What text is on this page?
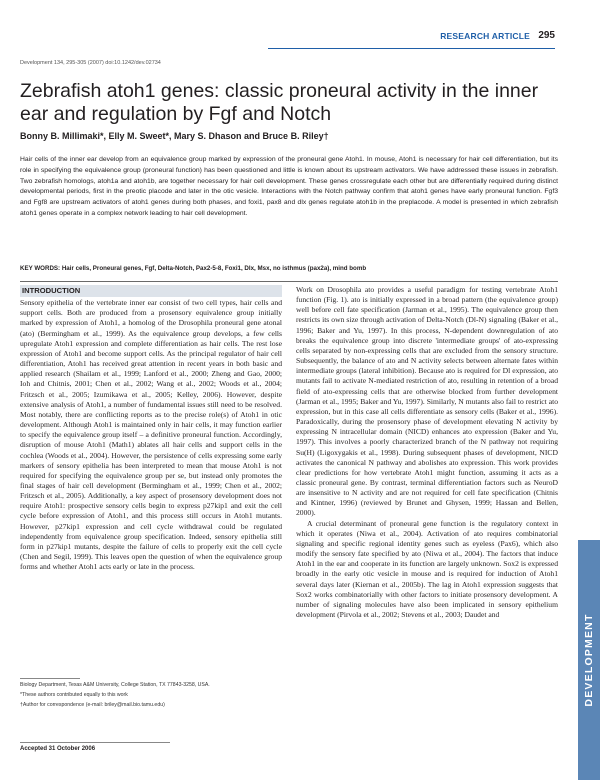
RESEARCH ARTICLE 295
Development 134, 295-305 (2007) doi:10.1242/dev.02734
Zebrafish atoh1 genes: classic proneural activity in the inner ear and regulation by Fgf and Notch
Bonny B. Millimaki*, Elly M. Sweet*, Mary S. Dhason and Bruce B. Riley†

Hair cells of the inner ear develop from an equivalence group marked by expression of the proneural gene Atoh1. In mouse, Atoh1 is necessary for hair cell differentiation, but its role in specifying the equivalence group (proneural function) has been questioned and little is known about its upstream activators. We have addressed these issues in zebrafish. Two zebrafish homologs, atoh1a and atoh1b, are together necessary for hair cell development. These genes crossregulate each other but are differentially required during distinct developmental periods, first in the preotic placode and later in the otic vesicle. Interactions with the Notch pathway confirm that atoh1 genes have early proneural function. Fgf3 and Fgf8 are upstream activators of atoh1 genes during both phases, and foxi1, pax8 and dlx genes regulate atoh1b in the preplacode. A model is presented in which zebrafish atoh1 genes operate in a complex network leading to hair cell development.

KEY WORDS: Hair cells, Proneural genes, Fgf, Delta-Notch, Pax2-5-8, Foxi1, Dlx, Msx, no isthmus (pax2a), mind bomb
INTRODUCTION

Sensory epithelia of the vertebrate inner ear consist of two cell types, hair cells and support cells. Both are produced from a prosensory equivalence group initially marked by expression of Atoh1, a homolog of the Drosophila proneural gene atonal (ato) (Bermingham et al., 1999). As the equivalence group develops, a few cells upregulate Atoh1 expression and complete differentiation as hair cells. The rest lose expression of Atoh1 and become support cells. As the principal regulator of hair cell differentiation, Atoh1 has received great attention in recent years in both basic and applied research (Shailam et al., 1999; Lanford et al., 2000; Zheng and Gao, 2000; Ioh and Chitnis, 2001; Chen et al., 2002; Wang et al., 2002; Woods et al., 2004; Fritzsch et al., 2005; Izumikawa et al., 2005; Kelley, 2006). However, despite extensive analysis of Atoh1, a number of fundamental issues still need to be resolved. Most notably, there are conflicting reports as to the precise role(s) of Atoh1 in otic development. Although Atoh1 is maintained only in hair cells, it may function earlier to specify the equivalence group itself – a definitive proneural function. Accordingly, disruption of mouse Atoh1 (Math1) ablates all hair cells and support cells in the cochlea (Woods et al., 2004). However, the persistence of cells expressing some early markers of sensory epithelia has been interpreted to mean that mouse Atoh1 is not required for specifying the equivalence group per se, but instead only promotes the final stages of hair cell development (Bermingham et al., 1999; Chen et al., 2002; Fritzsch et al., 2005). Additionally, a key aspect of prosensory development does not require Atoh1: prospective sensory cells begin to express p27kip1 and exit the cell cycle before expression of Atoh1, and this process still occurs in Atoh1 mutants. However, p27kip1 expression and cell cycle withdrawal could be regulated independently from equivalence group specification. Indeed, sensory epithelia still form in p27kip1 mutants, despite the failure of cells to properly exit the cell cycle (Chen and Segil, 1999). This leaves open the question of when the equivalence group forms and whether Atoh1 acts early or late in the process.

Work on Drosophila ato provides a useful paradigm for testing vertebrate Atoh1 function (Fig. 1). ato is initially expressed in a broad pattern (the equivalence group) well before cell fate specification (Jarman et al., 1995). The equivalence group then restricts its own size through activation of Delta-Notch (Dl-N) signaling (Baker et al., 1996; Baker and Yu, 1997). In this process, N-dependent downregulation of ato breaks the equivalence group into discrete 'intermediate groups' of ato-expressing cells separated by non-expressing cells that are excluded from the sensory structure. Subsequently, the balance of ato and N activity selects between alternate fates within intermediate groups (lateral inhibition). Because ato is required for Dl expression, ato mutants fail to activate N-mediated restriction of ato, resulting in retention of a broad field of ato-expressing cells that are otherwise blocked from further development (Jarman et al., 1995; Baker and Yu, 1997). Similarly, N mutants also fail to restrict ato expression, but in this case all cells differentiate as sensory cells (Baker et al., 1996). Paradoxically, during the prosensory phase of development elevating N activity by expressing N intracellular domain (NICD) enhances ato expression (Baker and Yu, 1997). This involves a poorly characterized branch of the N pathway not requiring Su(H) (Ligoxygakis et al., 1998). During subsequent phases of development, NICD activates the canonical N pathway and abolishes ato expression. This work provides clear predictions for how vertebrate Atoh1 might function, assuming it acts as a classic proneural gene. By contrast, terminal differentiation factors such as NeuroD are insensitive to N activity and are not required for cell fate specification (Chitnis and Kintner, 1996) (reviewed by Brunet and Ghysen, 1999; Hassan and Bellen, 2000).

A crucial determinant of proneural gene function is the regulatory context in which it operates (Niwa et al., 2004). Activation of ato requires combinatorial signaling and specific regional identity genes such as eyeless (Pax6), which also modify the sensory fate specified by ato (Niwa et al., 2004). The factors that induce Atoh1 in the ear and cooperate in its function are largely unknown. Sox2 is expressed broadly in the early otic vesicle in mouse and is required for induction of Atoh1 several days later (Kiernan et al., 2005b). The lag in Atoh1 expression suggests that Sox2 works combinatorially with other factors to initiate prosensory development. A number of signaling molecules have also been implicated in sensory epithelium development (Pirvola et al., 2002; Stevens et al., 2003; Daudet and

Biology Department, Texas A&M University, College Station, TX 77843-3258, USA.

*These authors contributed equally to this work

†Author for correspondence (e-mail: briley@mail.bio.tamu.edu)

Accepted 31 October 2006
DEVELOPMENT
